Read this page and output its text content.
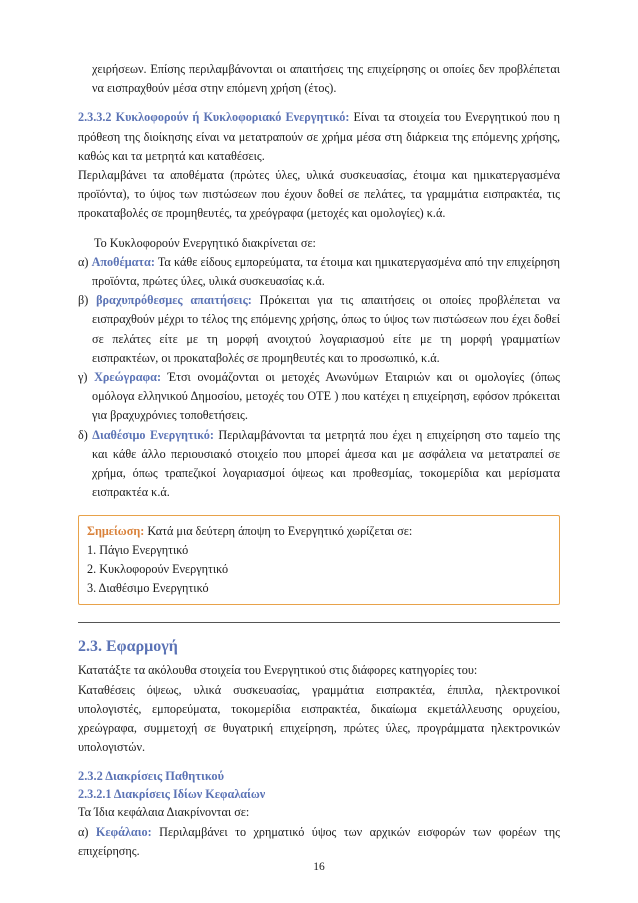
χειρήσεων. Επίσης περιλαμβάνονται οι απαιτήσεις της επιχείρησης οι οποίες δεν προβλέπεται να εισπραχθούν μέσα στην επόμενη χρήση (έτος).

2.3.3.2 Κυκλοφορούν ή Κυκλοφοριακό Ενεργητικό: Είναι τα στοιχεία του Ενεργητικού που η πρόθεση της διοίκησης είναι να μετατραπούν σε χρήμα μέσα στη διάρκεια της επόμενης χρήσης, καθώς και τα μετρητά και καταθέσεις.

Περιλαμβάνει τα αποθέματα (πρώτες ύλες, υλικά συσκευασίας, έτοιμα και ημικατεργασμένα προϊόντα), το ύψος των πιστώσεων που έχουν δοθεί σε πελάτες, τα γραμμάτια εισπρακτέα, τις προκαταβολές σε προμηθευτές, τα χρεόγραφα (μετοχές και ομολογίες) κ.ά.

Το Κυκλοφορούν Ενεργητικό διακρίνεται σε:

α) Αποθέματα: Τα κάθε είδους εμπορεύματα, τα έτοιμα και ημικατεργασμένα από την επιχείρηση προϊόντα, πρώτες ύλες, υλικά συσκευασίας κ.ά.

β) βραχυπρόθεσμες απαιτήσεις: Πρόκειται για τις απαιτήσεις οι οποίες προβλέπεται να εισπραχθούν μέχρι το τέλος της επόμενης χρήσης, όπως το ύψος των πιστώσεων που έχει δοθεί σε πελάτες είτε με τη μορφή ανοιχτού λογαριασμού είτε με τη μορφή γραμματίων εισπρακτέων, οι προκαταβολές σε προμηθευτές και το προσωπικό, κ.ά.

γ) Χρεώγραφα: Έτσι ονομάζονται οι μετοχές Ανωνύμων Εταιριών και οι ομολογίες (όπως ομόλογα ελληνικού Δημοσίου, μετοχές του ΟΤΕ ) που κατέχει η επιχείρηση, εφόσον πρόκειται για βραχυχρόνιες τοποθετήσεις.

δ) Διαθέσιμο Ενεργητικό: Περιλαμβάνονται τα μετρητά που έχει η επιχείρηση στο ταμείο της και κάθε άλλο περιουσιακό στοιχείο που μπορεί άμεσα και με ασφάλεια να μετατραπεί σε χρήμα, όπως τραπεζικοί λογαριασμοί όψεως και προθεσμίας, τοκομερίδια και μερίσματα εισπρακτέα κ.ά.

Σημείωση: Κατά μια δεύτερη άποψη το Ενεργητικό χωρίζεται σε:

1. Πάγιο Ενεργητικό

2. Κυκλοφορούν Ενεργητικό

3. Διαθέσιμο Ενεργητικό

2.3. Εφαρμογή

Κατατάξτε τα ακόλουθα στοιχεία του Ενεργητικού στις διάφορες κατηγορίες του:

Καταθέσεις όψεως, υλικά συσκευασίας, γραμμάτια εισπρακτέα, έπιπλα, ηλεκτρονικοί υπολογιστές, εμπορεύματα, τοκομερίδια εισπρακτέα, δικαίωμα εκμετάλλευσης ορυχείου, χρεώγραφα, συμμετοχή σε θυγατρική επιχείρηση, πρώτες ύλες, προγράμματα ηλεκτρονικών υπολογιστών.

2.3.2 Διακρίσεις Παθητικού
2.3.2.1 Διακρίσεις Ιδίων Κεφαλαίων

Τα Ίδια κεφάλαια Διακρίνονται σε:

α) Κεφάλαιο: Περιλαμβάνει το χρηματικό ύψος των αρχικών εισφορών των φορέων της επιχείρησης.

16
